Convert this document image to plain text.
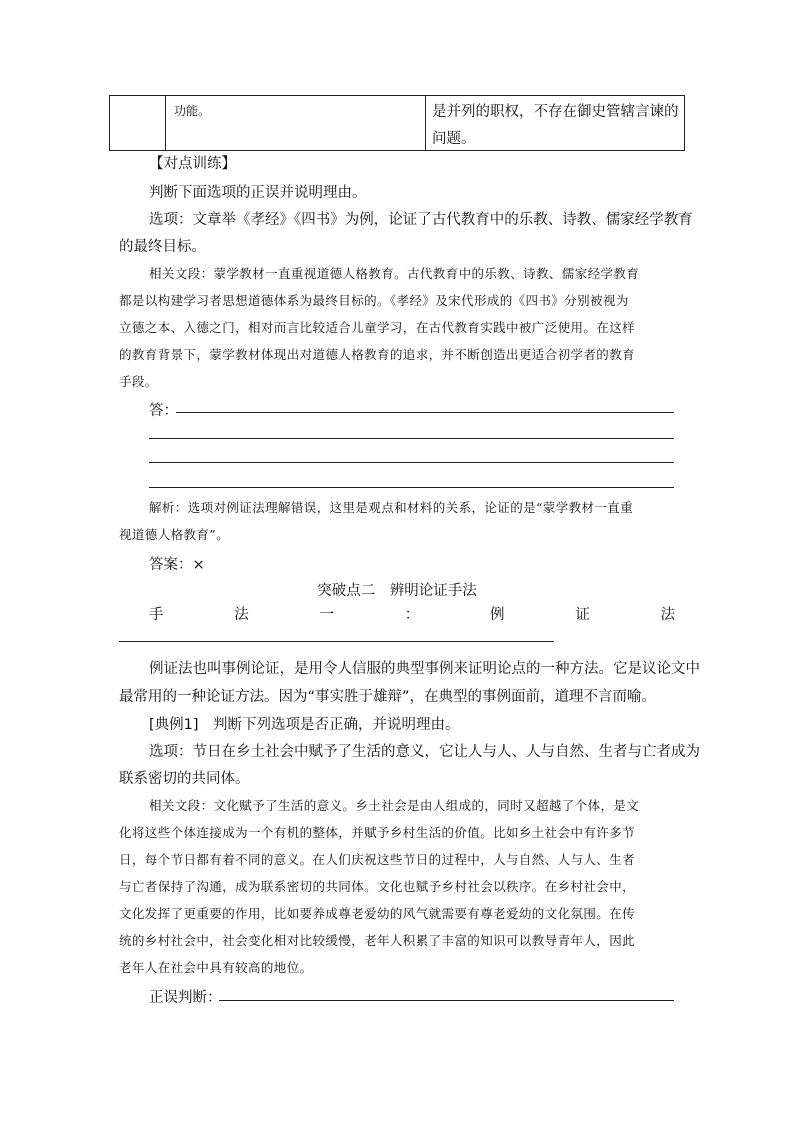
功能。	是并列的职权，不存在御史管辖言谏的问题。
【对点训练】
判断下面选项的正误并说明理由。
选项：文章举《孝经》《四书》为例，论证了古代教育中的乐教、诗教、儒家经学教育
的最终目标。
相关文段：蒙学教材一直重视道德人格教育。古代教育中的乐教、诗教、儒家经学教育
都是以构建学习者思想道德体系为最终目标的。《孝经》及宋代形成的《四书》分别被视为
立德之本、入德之门，相对而言比较适合儿童学习，在古代教育实践中被广泛使用。在这样
的教育背景下，蒙学教材体现出对道德人格教育的追求，并不断创造出更适合初学者的教育
手段。
答：
解析：选项对例证法理解错误，这里是观点和材料的关系，论证的是“蒙学教材一直重
视道德人格教育”。
答案：×
突破点二　辨明论证手法
手	法	一	：	例	证	法
例证法也叫事例论证，是用令人信服的典型事例来证明论点的一种方法。它是议论文中
最常用的一种论证方法。因为“事实胜于雄辩”，在典型的事例面前，道理不言而喻。
[典例1]　判断下列选项是否正确，并说明理由。
选项：节日在乡土社会中赋予了生活的意义，它让人与人、人与自然、生者与亡者成为
联系密切的共同体。
相关文段：文化赋予了生活的意义。乡土社会是由人组成的，同时又超越了个体，是文
化将这些个体连接成为一个有机的整体，并赋予乡村生活的价值。比如乡土社会中有许多节
日，每个节日都有着不同的意义。在人们庆祝这些节日的过程中，人与自然、人与人、生者
与亡者保持了沟通，成为联系密切的共同体。文化也赋予乡村社会以秩序。在乡村社会中，
文化发挥了更重要的作用，比如要养成尊老爱幼的风气就需要有尊老爱幼的文化氛围。在传
统的乡村社会中，社会变化相对比较缓慢，老年人积累了丰富的知识可以教导青年人，因此
老年人在社会中具有较高的地位。
正误判断：
